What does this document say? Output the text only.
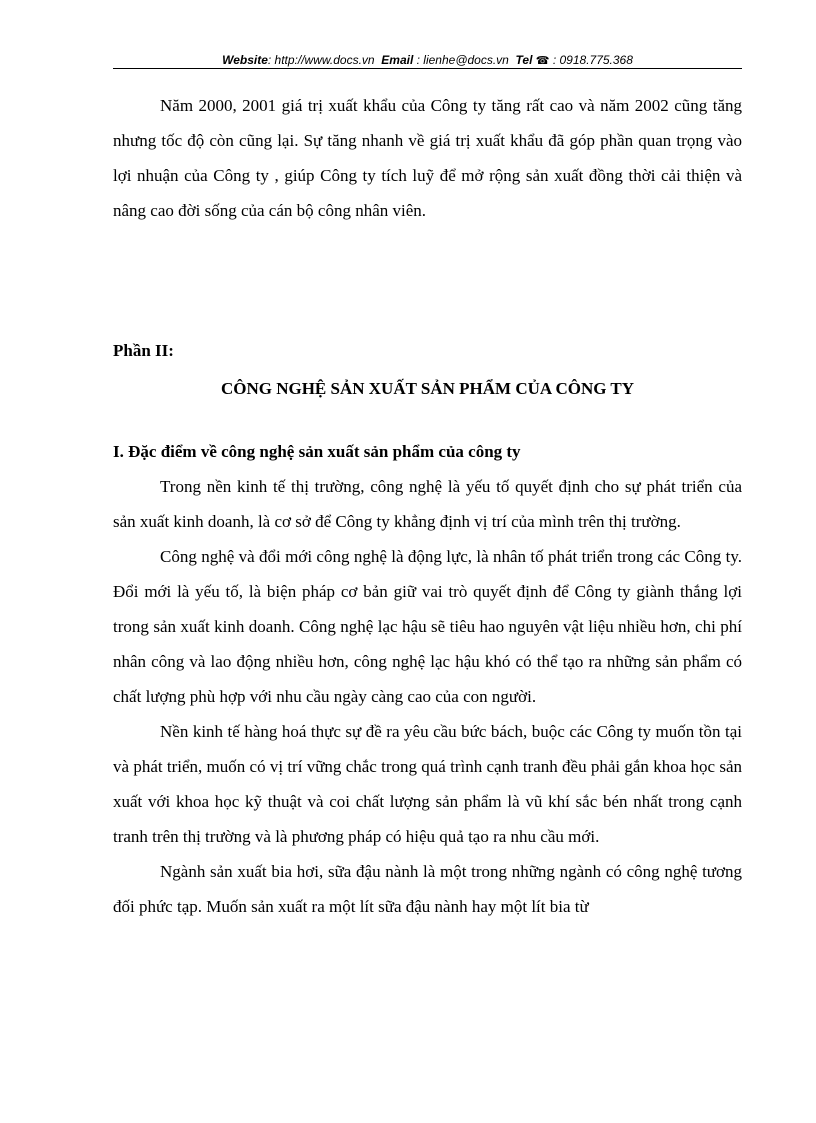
Website: http://www.docs.vn Email : lienhe@docs.vn Tel ☎ : 0918.775.368

Năm 2000, 2001 giá trị xuất khẩu của Công ty tăng rất cao và năm 2002 cũng tăng nhưng tốc độ còn cũng lại. Sự tăng nhanh về giá trị xuất khẩu đã góp phần quan trọng vào lợi nhuận của Công ty , giúp Công ty tích luỹ để mở rộng sản xuất đồng thời cải thiện và nâng cao đời sống của cán bộ công nhân viên.

Phần II:

CÔNG NGHỆ SẢN XUẤT SẢN PHẨM CỦA CÔNG TY

I. Đặc điểm về công nghệ sản xuất sản phẩm của công ty

Trong nền kinh tế thị trường, công nghệ là yếu tố quyết định cho sự phát triển của sản xuất kinh doanh, là cơ sở để Công ty khẳng định vị trí của mình trên thị trường.

Công nghệ và đổi mới công nghệ là động lực, là nhân tố phát triển trong các Công ty. Đổi mới là yếu tố, là biện pháp cơ bản giữ vai trò quyết định để Công ty giành thắng lợi trong sản xuất kinh doanh. Công nghệ lạc hậu sẽ tiêu hao nguyên vật liệu nhiều hơn, chi phí nhân công và lao động nhiều hơn, công nghệ lạc hậu khó có thể tạo ra những sản phẩm có chất lượng phù hợp với nhu cầu ngày càng cao của con người.

Nền kinh tế hàng hoá thực sự đề ra yêu cầu bức bách, buộc các Công ty muốn tồn tại và phát triển, muốn có vị trí vững chắc trong quá trình cạnh tranh đều phải gắn khoa học sản xuất với khoa học kỹ thuật và coi chất lượng sản phẩm là vũ khí sắc bén nhất trong cạnh tranh trên thị trường và là phương pháp có hiệu quả tạo ra nhu cầu mới.

Ngành sản xuất bia hơi, sữa đậu nành là một trong những ngành có công nghệ tương đối phức tạp. Muốn sản xuất ra một lít sữa đậu nành hay một lít bia từ
